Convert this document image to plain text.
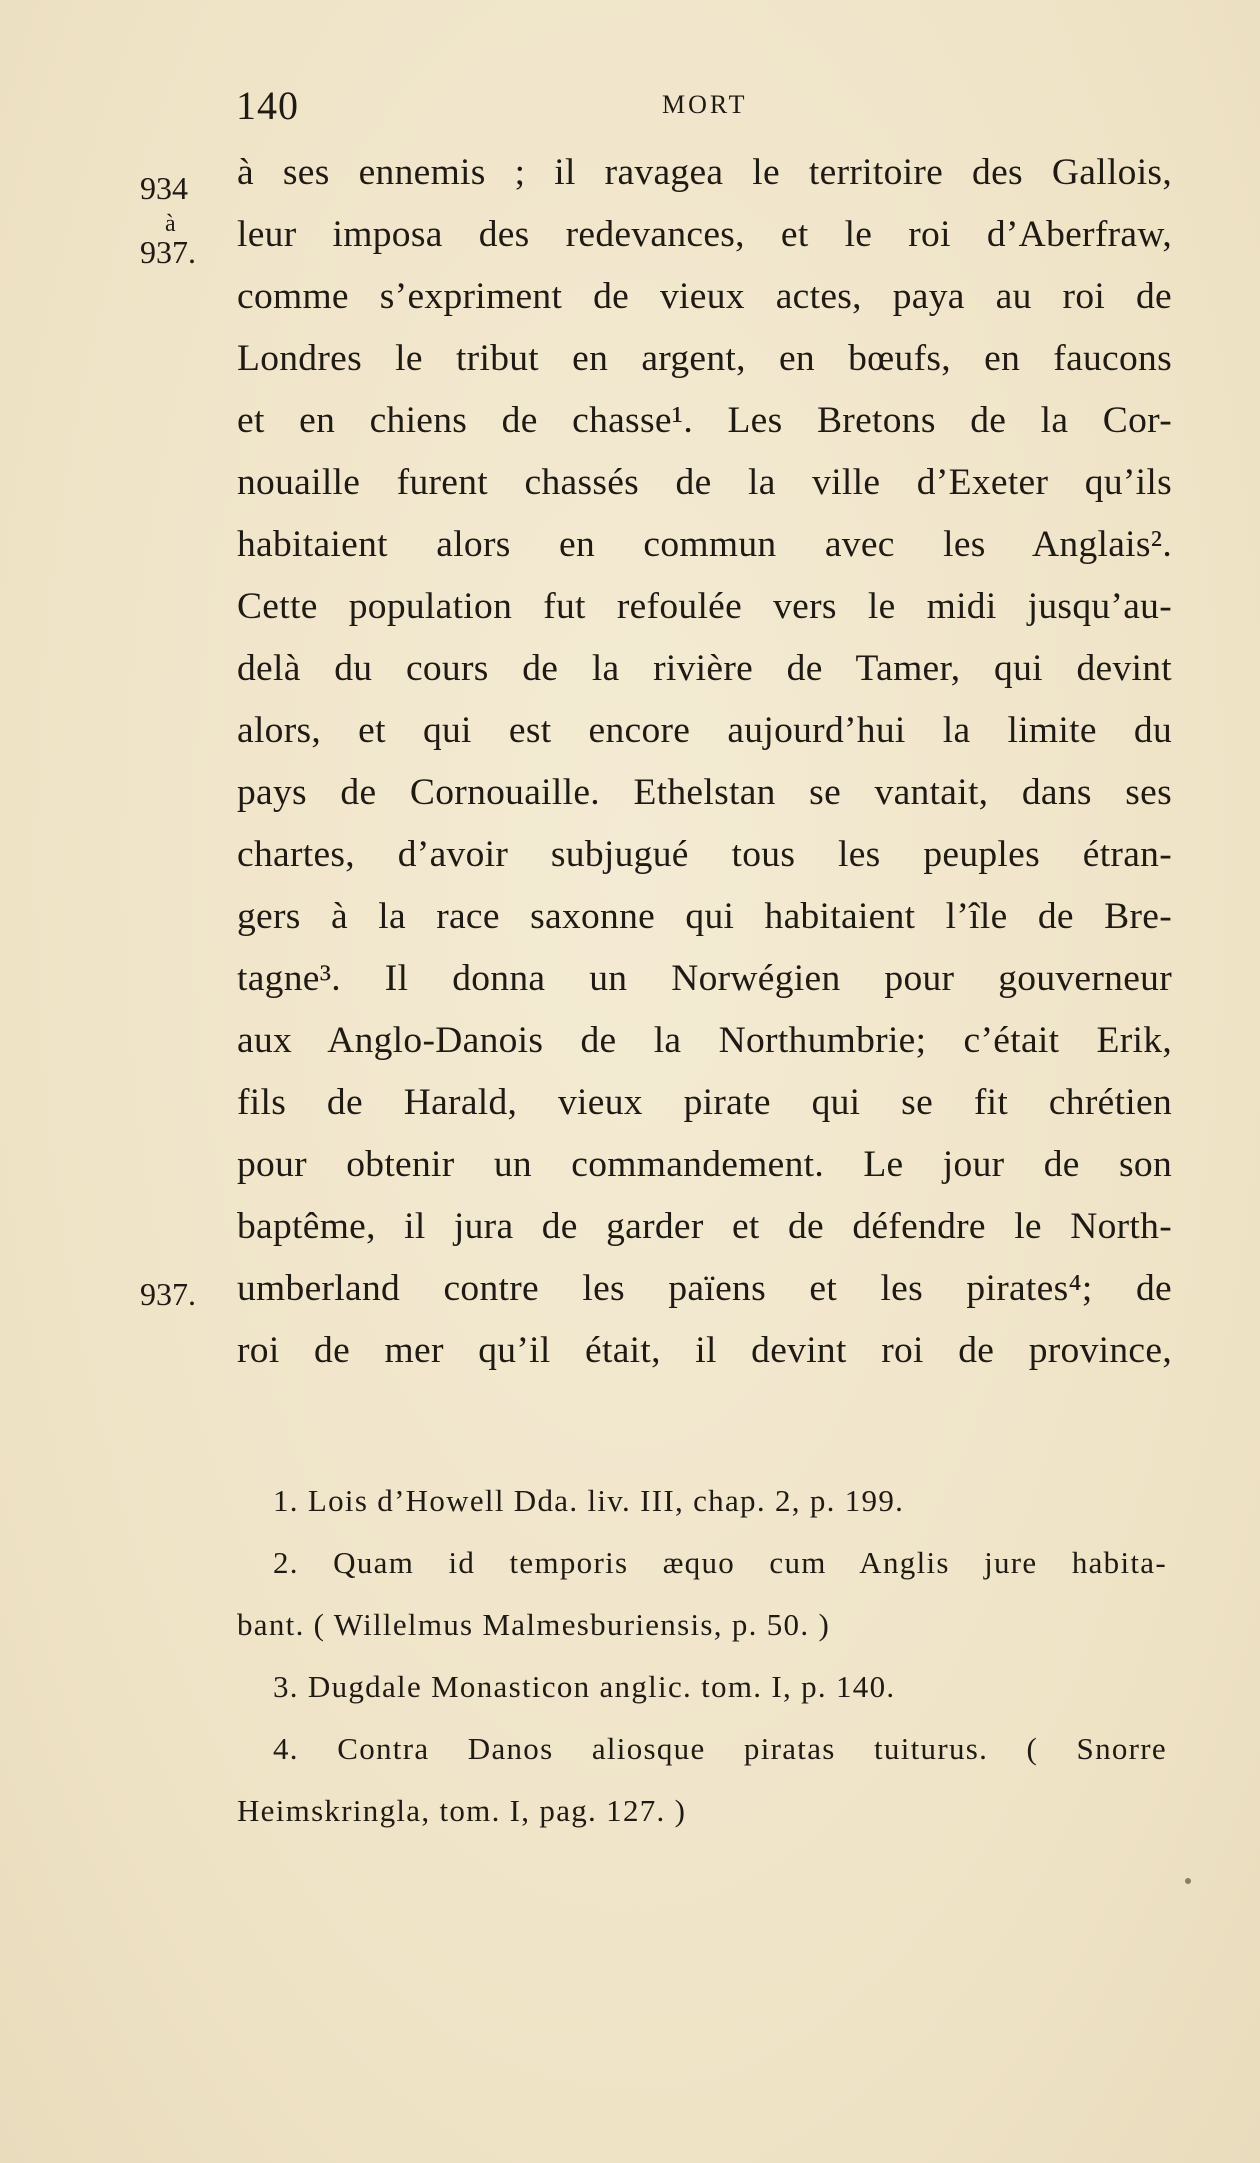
140	MORT
934
à
937.
937.
à ses ennemis ; il ravagea le territoire des Gallois,
leur imposa des redevances, et le roi d’Aberfraw,
comme s’expriment de vieux actes, paya au roi de
Londres le tribut en argent, en bœufs, en faucons
et en chiens de chasse¹. Les Bretons de la Cor-
nouaille furent chassés de la ville d’Exeter qu’ils
habitaient alors en commun avec les Anglais².
Cette population fut refoulée vers le midi jusqu’au-
delà du cours de la rivière de Tamer, qui devint
alors, et qui est encore aujourd’hui la limite du
pays de Cornouaille. Ethelstan se vantait, dans ses
chartes, d’avoir subjugué tous les peuples étran-
gers à la race saxonne qui habitaient l’île de Bre-
tagne³. Il donna un Norwégien pour gouverneur
aux Anglo-Danois de la Northumbrie; c’était Erik,
fils de Harald, vieux pirate qui se fit chrétien
pour obtenir un commandement. Le jour de son
baptême, il jura de garder et de défendre le North-
umberland contre les païens et les pirates⁴; de
roi de mer qu’il était, il devint roi de province,
1. Lois d’Howell Dda. liv. III, chap. 2, p. 199.
2. Quam id temporis æquo cum Anglis jure habita-
bant. ( Willelmus Malmesburiensis, p. 50. )
3. Dugdale Monasticon anglic. tom. I, p. 140.
4. Contra Danos aliosque piratas tuiturus. ( Snorre
Heimskringla, tom. I, pag. 127. )
